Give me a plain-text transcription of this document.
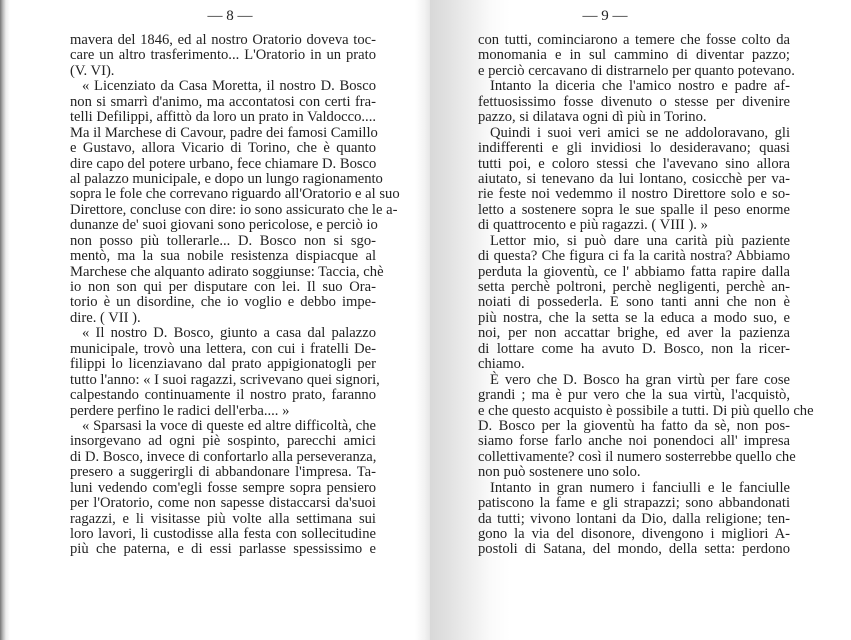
— 8 —
mavera del 1846, ed al nostro Oratorio doveva toc-
care un altro trasferimento... L'Oratorio in un prato
(V. VI).
« Licenziato da Casa Moretta, il nostro D. Bosco
non si smarrì d'animo, ma accontatosi con certi fra-
telli Defilippi, affittò da loro un prato in Valdocco....
Ma il Marchese di Cavour, padre dei famosi Camillo
e Gustavo, allora Vicario di Torino, che è quanto
dire capo del potere urbano, fece chiamare D. Bosco
al palazzo municipale, e dopo un lungo ragionamento
sopra le fole che correvano riguardo all'Oratorio e al suo
Direttore, concluse con dire: io sono assicurato che le a-
dunanze de' suoi giovani sono pericolose, e perciò io
non posso più tollerarle... D. Bosco non si sgo-
mentò, ma la sua nobile resistenza dispiacque al
Marchese che alquanto adirato soggiunse: Taccia, chè
io non son qui per disputare con lei. Il suo Ora-
torio è un disordine, che io voglio e debbo impe-
dire. ( VII ).
« Il nostro D. Bosco, giunto a casa dal palazzo
municipale, trovò una lettera, con cui i fratelli De-
filippi lo licenziavano dal prato appigionatogli per
tutto l'anno: « I suoi ragazzi, scrivevano quei signori,
calpestando continuamente il nostro prato, faranno
perdere perfino le radici dell'erba.... »
« Sparsasi la voce di queste ed altre difficoltà, che
insorgevano ad ogni piè sospinto, parecchi amici
di D. Bosco, invece di confortarlo alla perseveranza,
presero a suggerirgli di abbandonare l'impresa. Ta-
luni vedendo com'egli fosse sempre sopra pensiero
per l'Oratorio, come non sapesse distaccarsi da'suoi
ragazzi, e li visitasse più volte alla settimana sui
loro lavori, li custodisse alla festa con sollecitudine
più che paterna, e di essi parlasse spessissimo e
— 9 —
con tutti, cominciarono a temere che fosse colto da
monomania e in sul cammino di diventar pazzo;
e perciò cercavano di distrarnelo per quanto potevano.
Intanto la diceria che l'amico nostro e padre af-
fettuosissimo fosse divenuto o stesse per divenire
pazzo, si dilatava ogni dì più in Torino.
Quindi i suoi veri amici se ne addoloravano, gli
indifferenti e gli invidiosi lo desideravano; quasi
tutti poi, e coloro stessi che l'avevano sino allora
aiutato, si tenevano da lui lontano, cosicchè per va-
rie feste noi vedemmo il nostro Direttore solo e so-
letto a sostenere sopra le sue spalle il peso enorme
di quattrocento e più ragazzi. ( VIII ). »
Lettor mio, si può dare una carità più paziente
di questa? Che figura ci fa la carità nostra? Abbiamo
perduta la gioventù, ce l' abbiamo fatta rapire dalla
setta perchè poltroni, perchè negligenti, perchè an-
noiati di possederla. E sono tanti anni che non è
più nostra, che la setta se la educa a modo suo, e
noi, per non accattar brighe, ed aver la pazienza
di lottare come ha avuto D. Bosco, non la ricer-
chiamo.
È vero che D. Bosco ha gran virtù per fare cose
grandi ; ma è pur vero che la sua virtù, l'acquistò,
e che questo acquisto è possibile a tutti. Di più quello che
D. Bosco per la gioventù ha fatto da sè, non pos-
siamo forse farlo anche noi ponendoci all' impresa
collettivamente? così il numero sosterrebbe quello che
non può sostenere uno solo.
Intanto in gran numero i fanciulli e le fanciulle
patiscono la fame e gli strapazzi; sono abbandonati
da tutti; vivono lontani da Dio, dalla religione; ten-
gono la via del disonore, divengono i migliori A-
postoli di Satana, del mondo, della setta: perdono
